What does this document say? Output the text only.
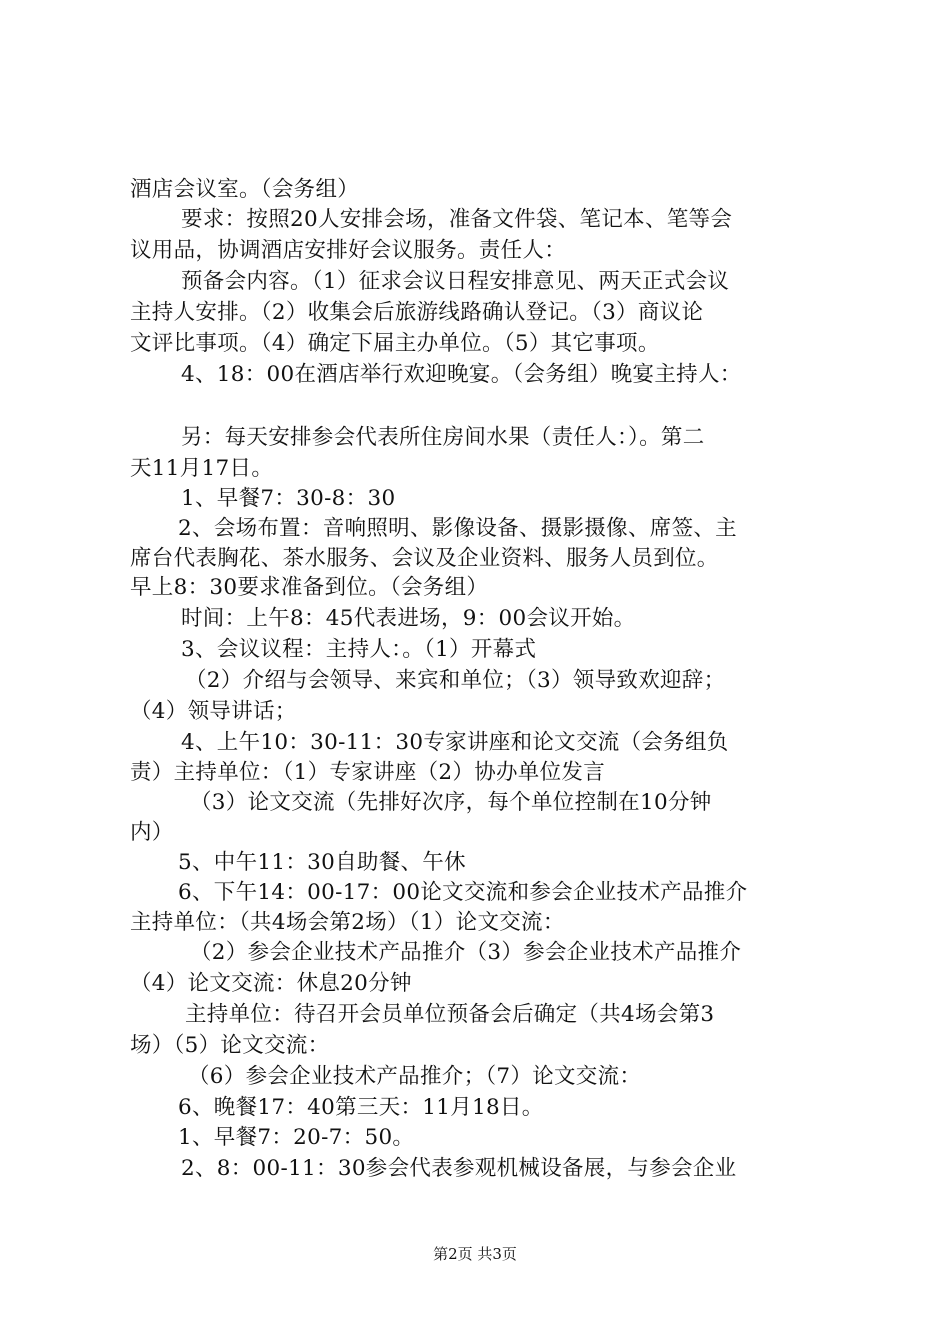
酒店会议室。（会务组）
要求：按照20人安排会场，准备文件袋、笔记本、笔等会
议用品，协调酒店安排好会议服务。责任人：
预备会内容。（1）征求会议日程安排意见、两天正式会议
主持人安排。（2）收集会后旅游线路确认登记。（3）商议论
文评比事项。（4）确定下届主办单位。（5）其它事项。
4、18：00在酒店举行欢迎晚宴。（会务组）晚宴主持人：
另：每天安排参会代表所住房间水果（责任人：）。第二
天11月17日。
1、早餐7：30-8：30
2、会场布置：音响照明、影像设备、摄影摄像、席签、主
席台代表胸花、茶水服务、会议及企业资料、服务人员到位。
早上8：30要求准备到位。（会务组）
时间：上午8：45代表进场，9：00会议开始。
3、会议议程：主持人：。（1）开幕式
（2）介绍与会领导、来宾和单位；（3）领导致欢迎辞；
（4）领导讲话；
4、上午10：30-11：30专家讲座和论文交流（会务组负
责）主持单位：（1）专家讲座（2）协办单位发言
（3）论文交流（先排好次序，每个单位控制在10分钟
内）
5、中午11：30自助餐、午休
6、下午14：00-17：00论文交流和参会企业技术产品推介
主持单位：（共4场会第2场）（1）论文交流：
（2）参会企业技术产品推介（3）参会企业技术产品推介
（4）论文交流：休息20分钟
主持单位：待召开会员单位预备会后确定（共4场会第3
场）（5）论文交流：
（6）参会企业技术产品推介；（7）论文交流：
6、晚餐17：40第三天：11月18日。
1、早餐7：20-7：50。
2、8：00-11：30参会代表参观机械设备展，与参会企业
第2页 共3页
